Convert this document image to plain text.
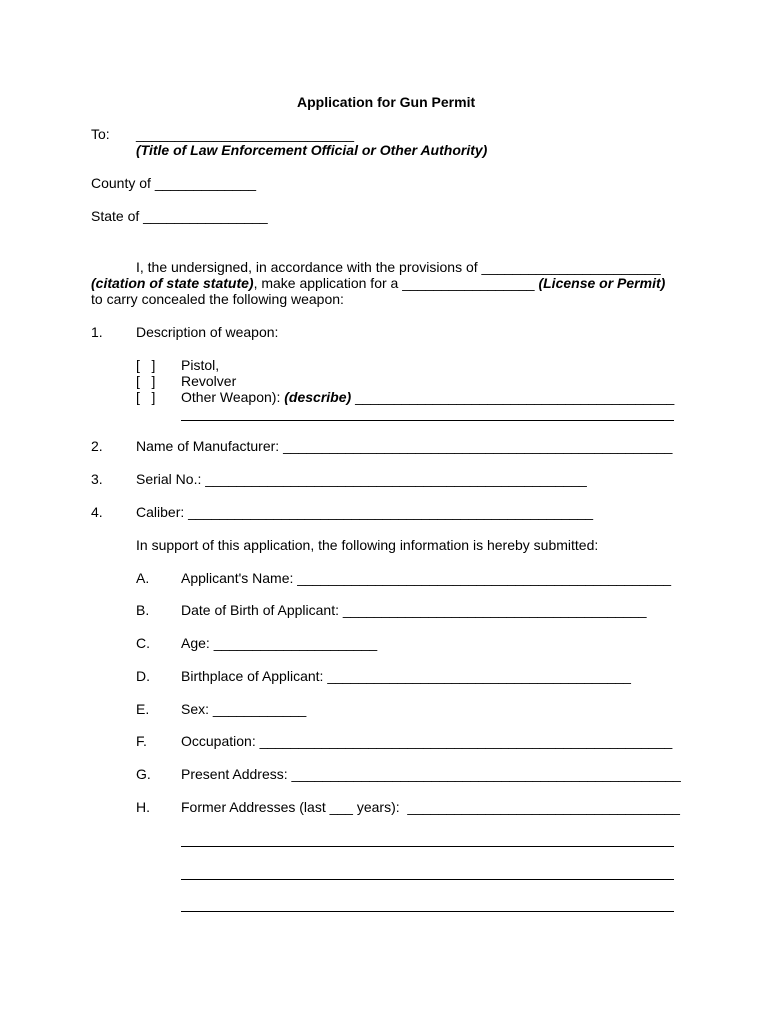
Application for Gun Permit
To: ____________________________
(Title of Law Enforcement Official or Other Authority)
County of _____________
State of ________________
I, the undersigned, in accordance with the provisions of _______________________
(citation of state statute), make application for a _________________ (License or Permit)
to carry concealed the following weapon:
1. Description of weapon:
[   ] Pistol,
[   ] Revolver
[   ] Other Weapon): (describe) _________________________________________
2. Name of Manufacturer: __________________________________________________
3. Serial No.: _________________________________________________
4. Caliber: ____________________________________________________
In support of this application, the following information is hereby submitted:
A. Applicant's Name: ________________________________________________
B. Date of Birth of Applicant: _______________________________________
C. Age: _____________________
D. Birthplace of Applicant: _______________________________________
E. Sex: ____________
F. Occupation: _____________________________________________________
G. Present Address: __________________________________________________
H. Former Addresses (last ___ years): ___________________________________
